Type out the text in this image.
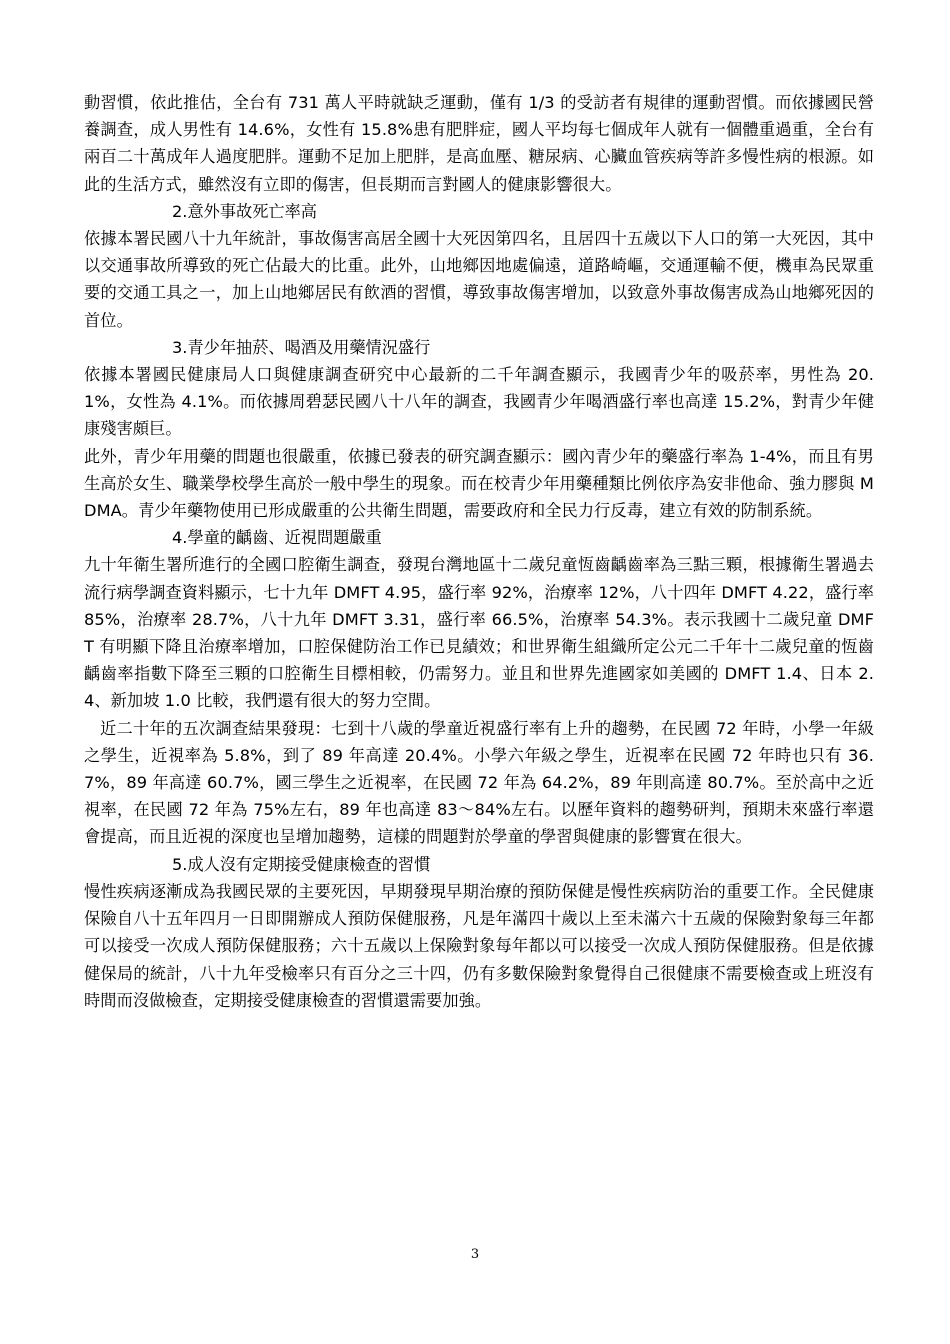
動習慣，依此推估，全台有 731 萬人平時就缺乏運動，僅有 1/3 的受訪者有規律的運動習慣。而依據國民營養調查，成人男性有 14.6%，女性有 15.8%患有肥胖症，國人平均每七個成年人就有一個體重過重，全台有兩百二十萬成年人過度肥胖。運動不足加上肥胖，是高血壓、糖尿病、心臟血管疾病等許多慢性病的根源。如此的生活方式，雖然沒有立即的傷害，但長期而言對國人的健康影響很大。

2.意外事故死亡率高

依據本署民國八十九年統計，事故傷害高居全國十大死因第四名，且居四十五歲以下人口的第一大死因，其中以交通事故所導致的死亡佔最大的比重。此外，山地鄉因地處偏遠，道路崎嶇，交通運輸不便，機車為民眾重要的交通工具之一，加上山地鄉居民有飲酒的習慣，導致事故傷害增加，以致意外事故傷害成為山地鄉死因的首位。

3.青少年抽菸、喝酒及用藥情況盛行

依據本署國民健康局人口與健康調查研究中心最新的二千年調查顯示，我國青少年的吸菸率，男性為 20.1%，女性為 4.1%。而依據周碧瑟民國八十八年的調查，我國青少年喝酒盛行率也高達 15.2%，對青少年健康殘害頗巨。

此外，青少年用藥的問題也很嚴重，依據已發表的研究調查顯示：國內青少年的藥盛行率為 1-4%，而且有男生高於女生、職業學校學生高於一般中學生的現象。而在校青少年用藥種類比例依序為安非他命、強力膠與 MDMA。青少年藥物使用已形成嚴重的公共衛生問題，需要政府和全民力行反毒，建立有效的防制系統。

4.學童的齲齒、近視問題嚴重

九十年衛生署所進行的全國口腔衛生調查，發現台灣地區十二歲兒童恆齒齲齒率為三點三顆，根據衛生署過去流行病學調查資料顯示，七十九年 DMFT 4.95，盛行率 92%，治療率 12%，八十四年 DMFT 4.22，盛行率 85%，治療率 28.7%，八十九年 DMFT 3.31，盛行率 66.5%，治療率 54.3%。表示我國十二歲兒童 DMFT 有明顯下降且治療率增加，口腔保健防治工作已見績效；和世界衛生組織所定公元二千年十二歲兒童的恆齒齲齒率指數下降至三顆的口腔衛生目標相較，仍需努力。並且和世界先進國家如美國的 DMFT 1.4、日本 2.4、新加坡 1.0 比較，我們還有很大的努力空間。

近二十年的五次調查結果發現：七到十八歲的學童近視盛行率有上升的趨勢，在民國 72 年時，小學一年級之學生，近視率為 5.8%，到了 89 年高達 20.4%。小學六年級之學生，近視率在民國 72 年時也只有 36.7%，89 年高達 60.7%，國三學生之近視率，在民國 72 年為 64.2%，89 年則高達 80.7%。至於高中之近視率，在民國 72 年為 75%左右，89 年也高達 83～84%左右。以歷年資料的趨勢研判，預期未來盛行率還會提高，而且近視的深度也呈增加趨勢，這樣的問題對於學童的學習與健康的影響實在很大。

5.成人沒有定期接受健康檢查的習慣

慢性疾病逐漸成為我國民眾的主要死因，早期發現早期治療的預防保健是慢性疾病防治的重要工作。全民健康保險自八十五年四月一日即開辦成人預防保健服務，凡是年滿四十歲以上至未滿六十五歲的保險對象每三年都可以接受一次成人預防保健服務；六十五歲以上保險對象每年都以可以接受一次成人預防保健服務。但是依據健保局的統計，八十九年受檢率只有百分之三十四，仍有多數保險對象覺得自己很健康不需要檢查或上班沒有時間而沒做檢查，定期接受健康檢查的習慣還需要加強。

3
